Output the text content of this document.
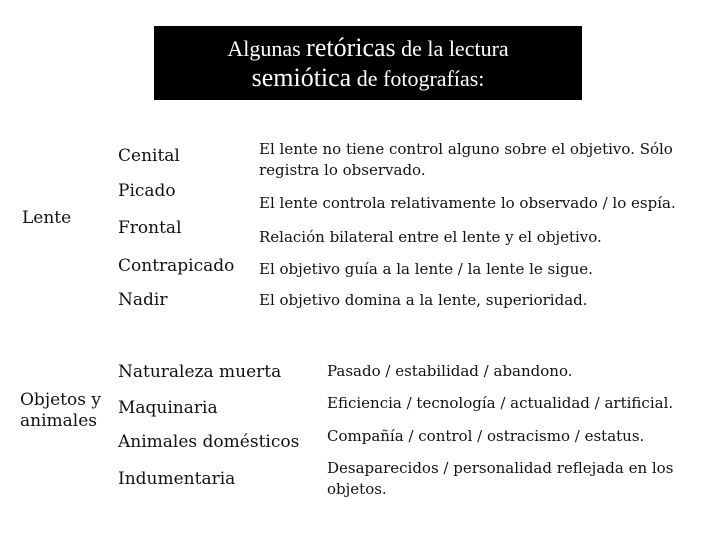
Algunas retóricas de la lectura
semiótica de fotografías:
Lente
Cenital
Picado
Frontal
Contrapicado
Nadir
El lente no tiene control alguno sobre el objetivo. Sólo registra lo observado.
El lente controla relativamente lo observado / lo espía.
Relación bilateral entre el lente y el objetivo.
El objetivo guía a la lente / la lente le sigue.
El objetivo domina a la lente, superioridad.
Objetos y
animales
Naturaleza muerta
Maquinaria
Animales domésticos
Indumentaria
Pasado / estabilidad / abandono.
Eficiencia / tecnología / actualidad / artificial.
Compañía / control / ostracismo / estatus.
Desaparecidos / personalidad reflejada en los objetos.
